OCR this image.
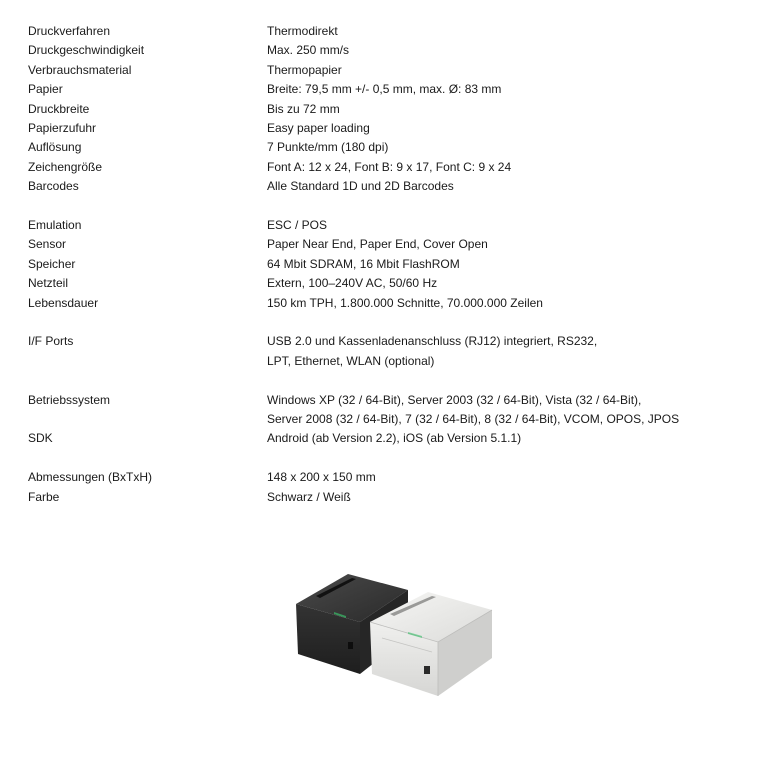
Druckverfahren	Thermodirekt
Druckgeschwindigkeit	Max. 250 mm/s
Verbrauchsmaterial	Thermopapier
Papier	Breite: 79,5 mm +/- 0,5 mm, max. Ø: 83 mm
Druckbreite	Bis zu 72 mm
Papierzufuhr	Easy paper loading
Auflösung	7 Punkte/mm (180 dpi)
Zeichengröße	Font A: 12 x 24, Font B: 9 x 17, Font C: 9 x 24
Barcodes	Alle Standard 1D und 2D Barcodes
Emulation	ESC / POS
Sensor	Paper Near End, Paper End, Cover Open
Speicher	64 Mbit SDRAM, 16 Mbit FlashROM
Netzteil	Extern, 100–240V AC, 50/60 Hz
Lebensdauer	150 km TPH, 1.800.000 Schnitte, 70.000.000 Zeilen
I/F Ports	USB 2.0 und Kassenladenanschluss (RJ12) integriert, RS232,
LPT, Ethernet, WLAN (optional)
Betriebssystem	Windows XP (32 / 64-Bit), Server 2003 (32 / 64-Bit), Vista (32 / 64-Bit),
Server 2008 (32 / 64-Bit), 7 (32 / 64-Bit), 8 (32 / 64-Bit), VCOM, OPOS, JPOS
SDK	Android (ab Version 2.2), iOS (ab Version 5.1.1)
Abmessungen (BxTxH)	148 x 200 x 150 mm
Farbe	Schwarz / Weiß
